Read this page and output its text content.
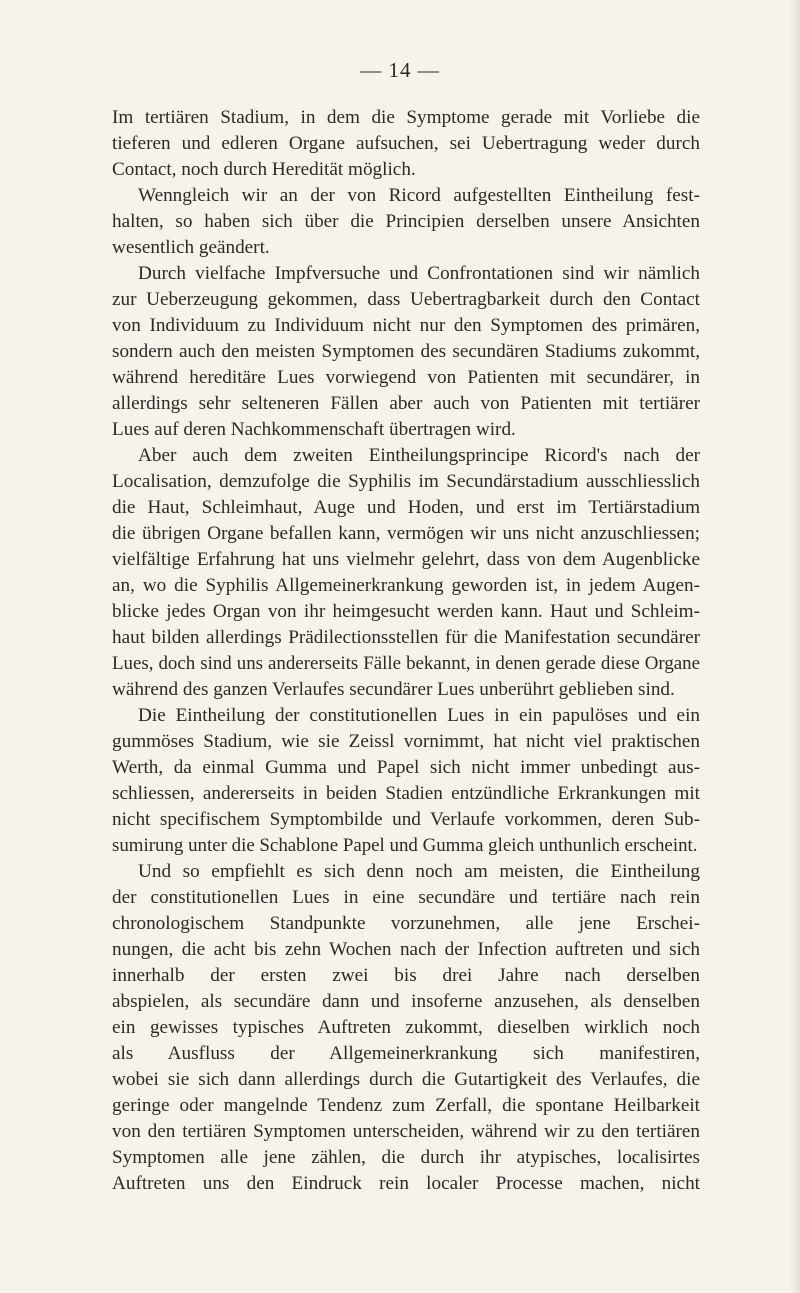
— 14 —
Im tertiären Stadium, in dem die Symptome gerade mit Vorliebe die
tieferen und edleren Organe aufsuchen, sei Uebertragung weder durch
Contact, noch durch Heredität möglich.
Wenngleich wir an der von Ricord aufgestellten Eintheilung fest-
halten, so haben sich über die Principien derselben unsere Ansichten
wesentlich geändert.
Durch vielfache Impfversuche und Confrontationen sind wir nämlich
zur Ueberzeugung gekommen, dass Uebertragbarkeit durch den Contact
von Individuum zu Individuum nicht nur den Symptomen des primären,
sondern auch den meisten Symptomen des secundären Stadiums zukommt,
während hereditäre Lues vorwiegend von Patienten mit secundärer, in
allerdings sehr selteneren Fällen aber auch von Patienten mit tertiärer
Lues auf deren Nachkommenschaft übertragen wird.
Aber auch dem zweiten Eintheilungsprincipe Ricord's nach der
Localisation, demzufolge die Syphilis im Secundärstadium ausschliesslich
die Haut, Schleimhaut, Auge und Hoden, und erst im Tertiärstadium
die übrigen Organe befallen kann, vermögen wir uns nicht anzuschliessen;
vielfältige Erfahrung hat uns vielmehr gelehrt, dass von dem Augenblicke
an, wo die Syphilis Allgemeinerkrankung geworden ist, in jedem Augen-
blicke jedes Organ von ihr heimgesucht werden kann. Haut und Schleim-
haut bilden allerdings Prädilectionsstellen für die Manifestation secundärer
Lues, doch sind uns andererseits Fälle bekannt, in denen gerade diese Organe
während des ganzen Verlaufes secundärer Lues unberührt geblieben sind.
Die Eintheilung der constitutionellen Lues in ein papulöses und ein
gummöses Stadium, wie sie Zeissl vornimmt, hat nicht viel praktischen
Werth, da einmal Gumma und Papel sich nicht immer unbedingt aus-
schliessen, andererseits in beiden Stadien entzündliche Erkrankungen mit
nicht specifischem Symptombilde und Verlaufe vorkommen, deren Sub-
sumirung unter die Schablone Papel und Gumma gleich unthunlich erscheint.
Und so empfiehlt es sich denn noch am meisten, die Eintheilung
der constitutionellen Lues in eine secundäre und tertiäre nach rein
chronologischem Standpunkte vorzunehmen, alle jene Erschei-
nungen, die acht bis zehn Wochen nach der Infection auftreten und sich
innerhalb der ersten zwei bis drei Jahre nach derselben
abspielen, als secundäre dann und insoferne anzusehen, als denselben
ein gewisses typisches Auftreten zukommt, dieselben wirklich noch
als Ausfluss der Allgemeinerkrankung sich manifestiren,
wobei sie sich dann allerdings durch die Gutartigkeit des Verlaufes, die
geringe oder mangelnde Tendenz zum Zerfall, die spontane Heilbarkeit
von den tertiären Symptomen unterscheiden, während wir zu den tertiären
Symptomen alle jene zählen, die durch ihr atypisches, localisirtes
Auftreten uns den Eindruck rein localer Processe machen, nicht
